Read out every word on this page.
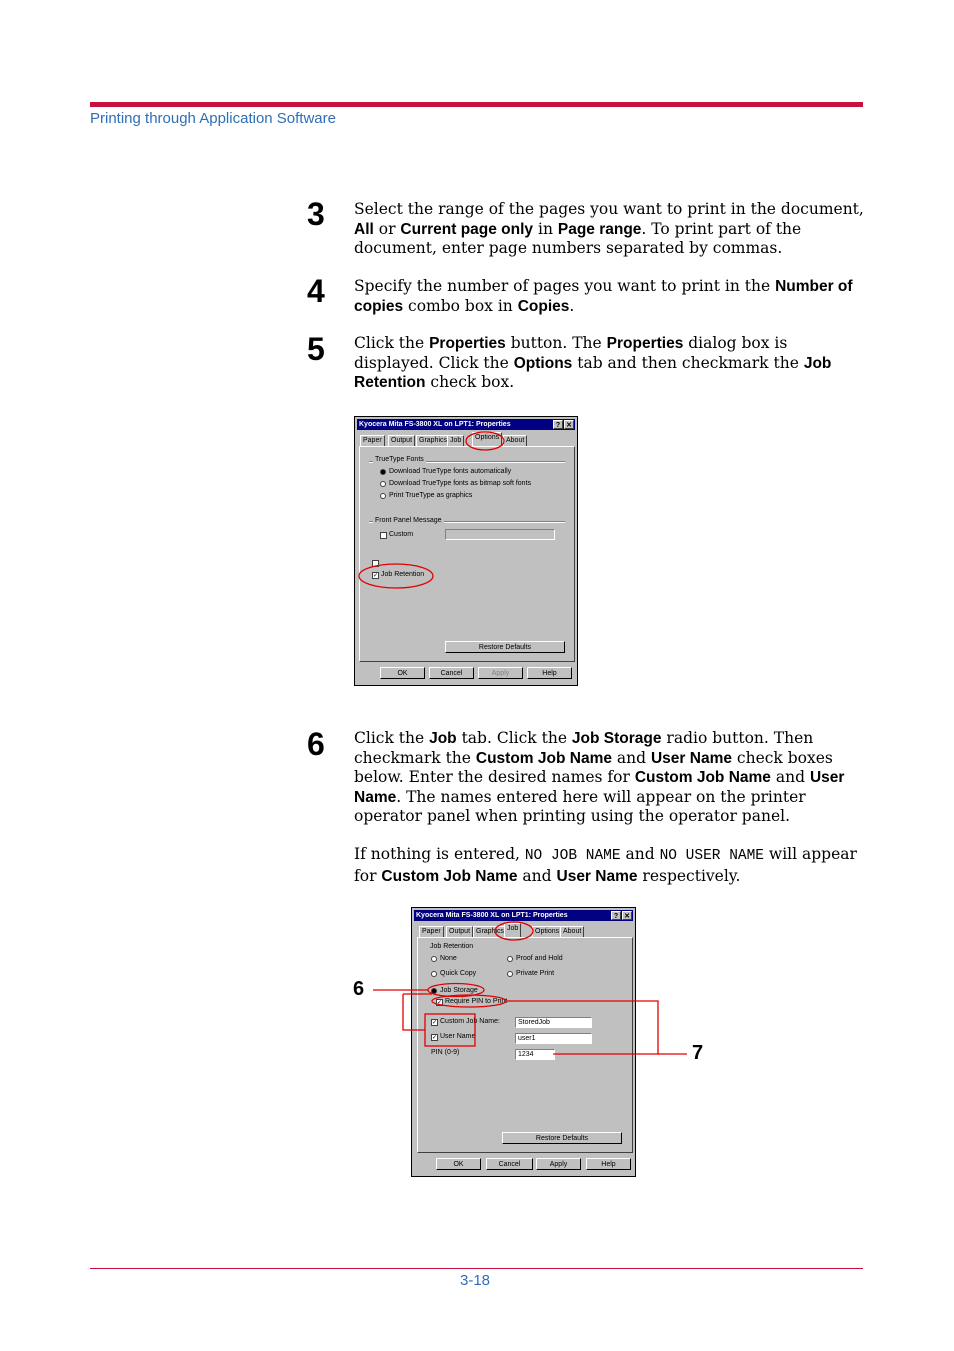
Printing through Application Software
3 Select the range of the pages you want to print in the document, All or Current page only in Page range. To print part of the document, enter page numbers separated by commas.
4 Specify the number of pages you want to print in the Number of copies combo box in Copies.
5 Click the Properties button. The Properties dialog box is displayed. Click the Options tab and then checkmark the Job Retention check box.
Kyocera Mita FS-3800 XL on LPT1: Properties	? ✕
Paper	Output Graphics Job	Options About
TrueType Fonts
Download TrueType fonts automatically
Download TrueType fonts as bitmap soft fonts
Print TrueType as graphics
Front Panel Message
Custom
✓ Job Retention
Restore Defaults
OK	Cancel	Apply	Help
6 Click the Job tab. Click the Job Storage radio button. Then checkmark the Custom Job Name and User Name check boxes below. Enter the desired names for Custom Job Name and User Name. The names entered here will appear on the printer operator panel when printing using the operator panel.
If nothing is entered, NO JOB NAME and NO USER NAME will appear for Custom Job Name and User Name respectively.
Kyocera Mita FS-3800 XL on LPT1: Properties	? ✕
Paper	Output Graphics Job	Options About
Job Retention
None	Proof and Hold
Quick Copy	Private Print
Job Storage
✓ Require PIN to Print
✓ Custom Job Name:	StoredJob
✓ User Name	user1
PIN (0-9)	1234
Restore Defaults
OK	Cancel	Apply	Help
6
7
3-18
